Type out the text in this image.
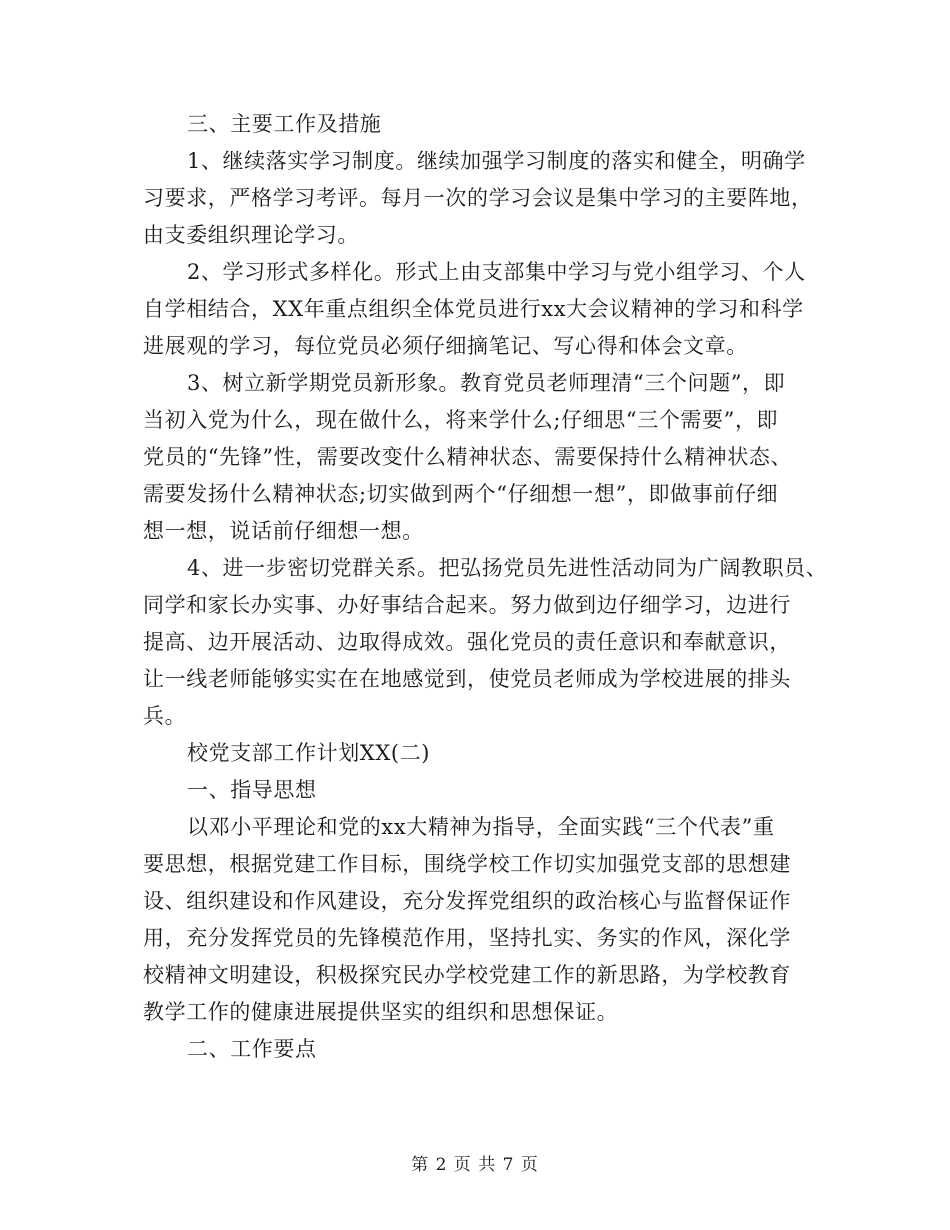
三、主要工作及措施
1、继续落实学习制度。继续加强学习制度的落实和健全，明确学
习要求，严格学习考评。每月一次的学习会议是集中学习的主要阵地，
由支委组织理论学习。
2、学习形式多样化。形式上由支部集中学习与党小组学习、个人
自学相结合，XX年重点组织全体党员进行xx大会议精神的学习和科学
进展观的学习，每位党员必须仔细摘笔记、写心得和体会文章。
3、树立新学期党员新形象。教育党员老师理清“三个问题”，即
当初入党为什么，现在做什么，将来学什么;仔细思“三个需要”，即
党员的“先锋”性，需要改变什么精神状态、需要保持什么精神状态、
需要发扬什么精神状态;切实做到两个“仔细想一想”，即做事前仔细
想一想，说话前仔细想一想。
4、进一步密切党群关系。把弘扬党员先进性活动同为广阔教职员、
同学和家长办实事、办好事结合起来。努力做到边仔细学习，边进行
提高、边开展活动、边取得成效。强化党员的责任意识和奉献意识，
让一线老师能够实实在在地感觉到，使党员老师成为学校进展的排头
兵。
校党支部工作计划XX(二)
一、指导思想
以邓小平理论和党的xx大精神为指导，全面实践“三个代表”重
要思想，根据党建工作目标，围绕学校工作切实加强党支部的思想建
设、组织建设和作风建设，充分发挥党组织的政治核心与监督保证作
用，充分发挥党员的先锋模范作用，坚持扎实、务实的作风，深化学
校精神文明建设，积极探究民办学校党建工作的新思路，为学校教育
教学工作的健康进展提供坚实的组织和思想保证。
二、工作要点
第 2 页 共 7 页
